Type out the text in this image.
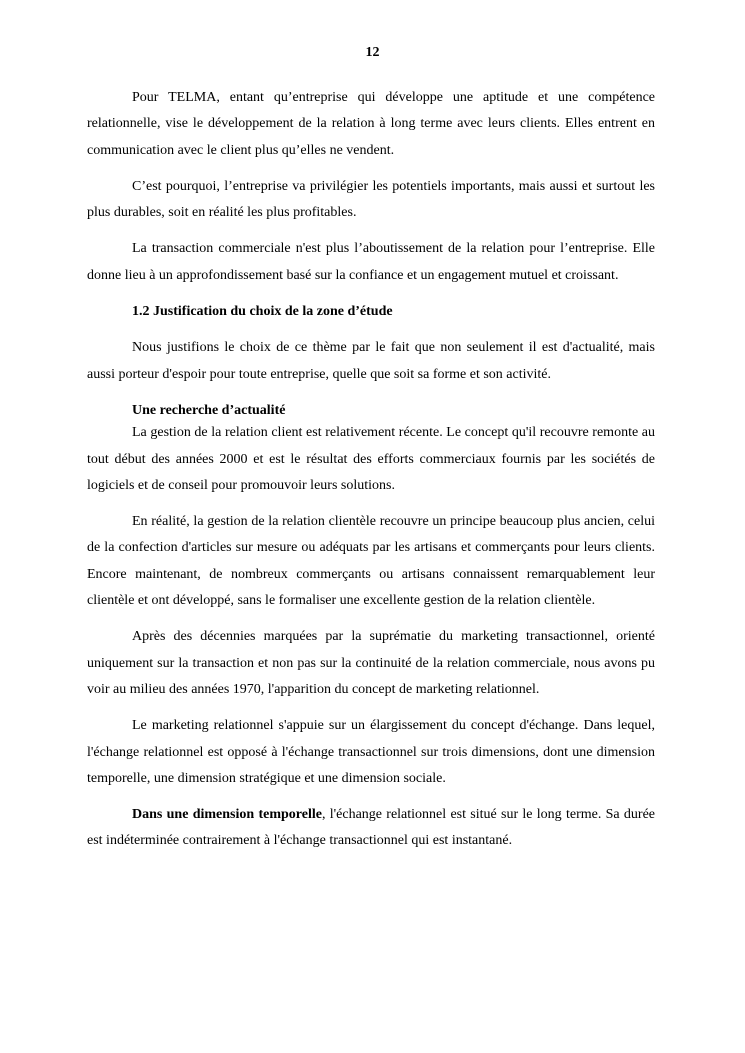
12

Pour TELMA, entant qu’entreprise qui développe une aptitude et une compétence relationnelle, vise le développement de la relation à long terme avec leurs clients. Elles entrent en communication avec le client plus qu’elles ne vendent.

C’est pourquoi, l’entreprise va privilégier les potentiels importants, mais aussi et surtout les plus durables, soit en réalité les plus profitables.

La transaction commerciale n'est plus l’aboutissement de la relation pour l’entreprise. Elle donne lieu à un approfondissement basé sur la confiance et un engagement mutuel et croissant.

1.2 Justification du choix de la zone d’étude

Nous justifions le choix de ce thème par le fait que non seulement il est d'actualité, mais aussi porteur d'espoir pour toute entreprise, quelle que soit sa forme et son activité.

Une recherche d’actualité

La gestion de la relation client est relativement récente. Le concept qu'il recouvre remonte au tout début des années 2000 et est le résultat des efforts commerciaux fournis par les sociétés de logiciels et de conseil pour promouvoir leurs solutions.

En réalité, la gestion de la relation clientèle recouvre un principe beaucoup plus ancien, celui de la confection d'articles sur mesure ou adéquats par les artisans et commerçants pour leurs clients. Encore maintenant, de nombreux commerçants ou artisans connaissent remarquablement leur clientèle et ont développé, sans le formaliser une excellente gestion de la relation clientèle.

Après des décennies marquées par la suprématie du marketing transactionnel, orienté uniquement sur la transaction et non pas sur la continuité de la relation commerciale, nous avons pu voir au milieu des années 1970, l'apparition du concept de marketing relationnel.

Le marketing relationnel s'appuie sur un élargissement du concept d'échange. Dans lequel, l'échange relationnel est opposé à l'échange transactionnel sur trois dimensions, dont une dimension temporelle, une dimension stratégique et une dimension sociale.

Dans une dimension temporelle, l'échange relationnel est situé sur le long terme. Sa durée est indéterminée contrairement à l'échange transactionnel qui est instantané.
